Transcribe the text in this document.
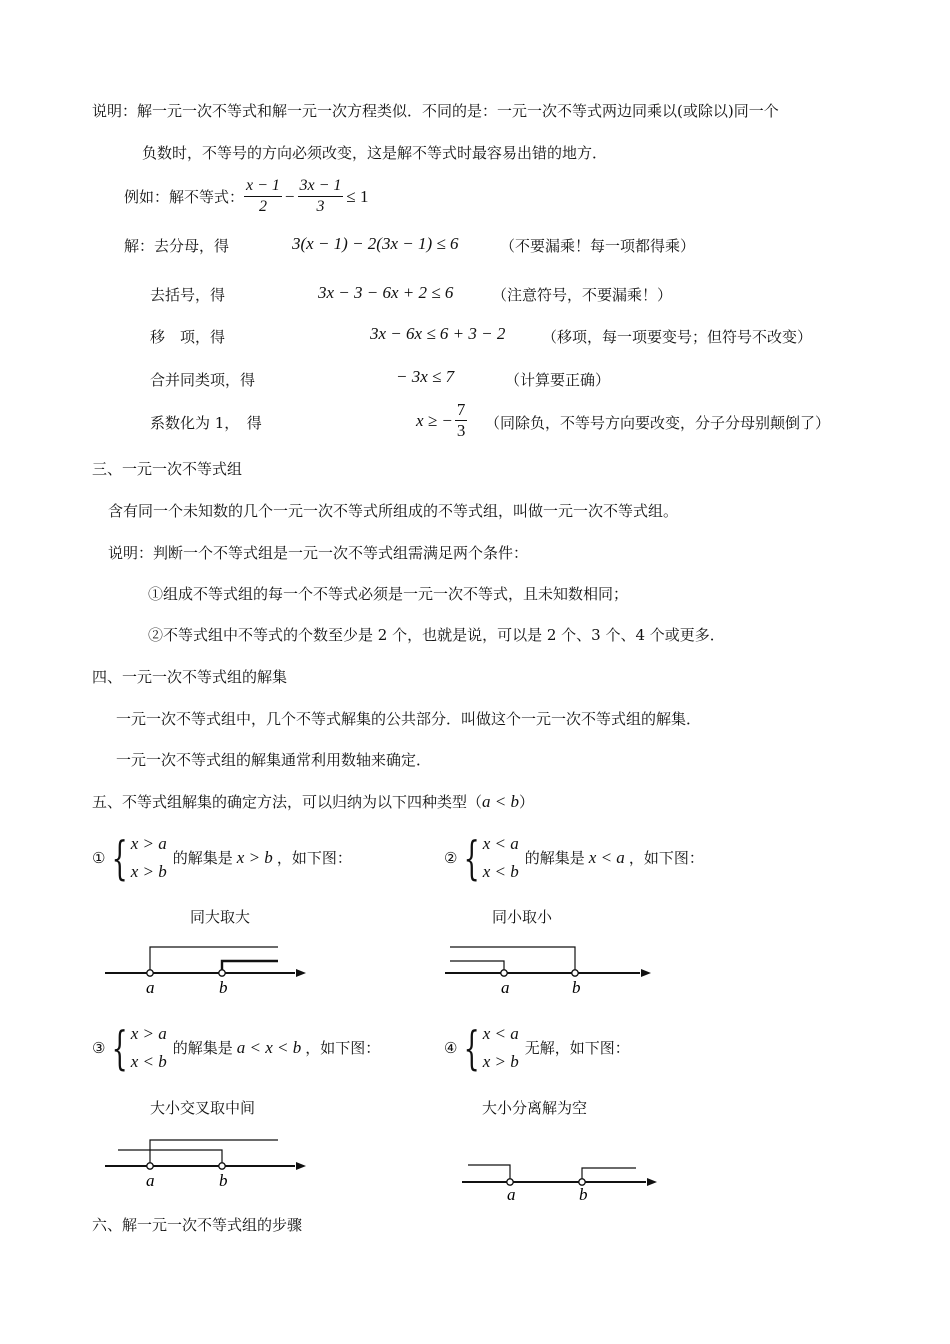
说明：解一元一次不等式和解一元一次方程类似．不同的是：一元一次不等式两边同乘以(或除以)同一个
负数时，不等号的方向必须改变，这是解不等式时最容易出错的地方．
例如：解不等式： $\frac{x - 1}{2} - \frac{3x - 1}{3} \le 1$
解：去分母，得	3(x − 1) − 2(3x − 1) ≤ 6	（不要漏乘！每一项都得乘）
去括号，得	3x − 3 − 6x + 2 ≤ 6	（注意符号，不要漏乘！）
移　项，得	3x − 6x ≤ 6 + 3 − 2 （移项，每一项要变号；但符号不改变）
合并同类项，得	− 3x ≤ 7	（计算要正确）
系数化为 1，　得	x ≥ − $\frac{7}{3}$ （同除负，不等号方向要改变，分子分母别颠倒了）
三、一元一次不等式组
含有同一个未知数的几个一元一次不等式所组成的不等式组，叫做一元一次不等式组。
说明：判断一个不等式组是一元一次不等式组需满足两个条件：
①组成不等式组的每一个不等式必须是一元一次不等式，且未知数相同；
②不等式组中不等式的个数至少是 2 个，也就是说，可以是 2 个、3 个、4 个或更多．
四、一元一次不等式组的解集
一元一次不等式组中，几个不等式解集的公共部分．叫做这个一元一次不等式组的解集．
一元一次不等式组的解集通常利用数轴来确定．
五、不等式组解集的确定方法，可以归纳为以下四种类型（a < b）
① { x > a
x > b
的解集是 x > b ，如下图：	② { x < a
x < b
的解集是 x < a ，如下图：
同大取大	同小取小
a	b	a	b
③ { x > a
x < b
的解集是 a < x < b ，如下图：	④ { x < a
x > b
无解，如下图：
大小交叉取中间	大小分离解为空
a	b
a	b
六、解一元一次不等式组的步骤
